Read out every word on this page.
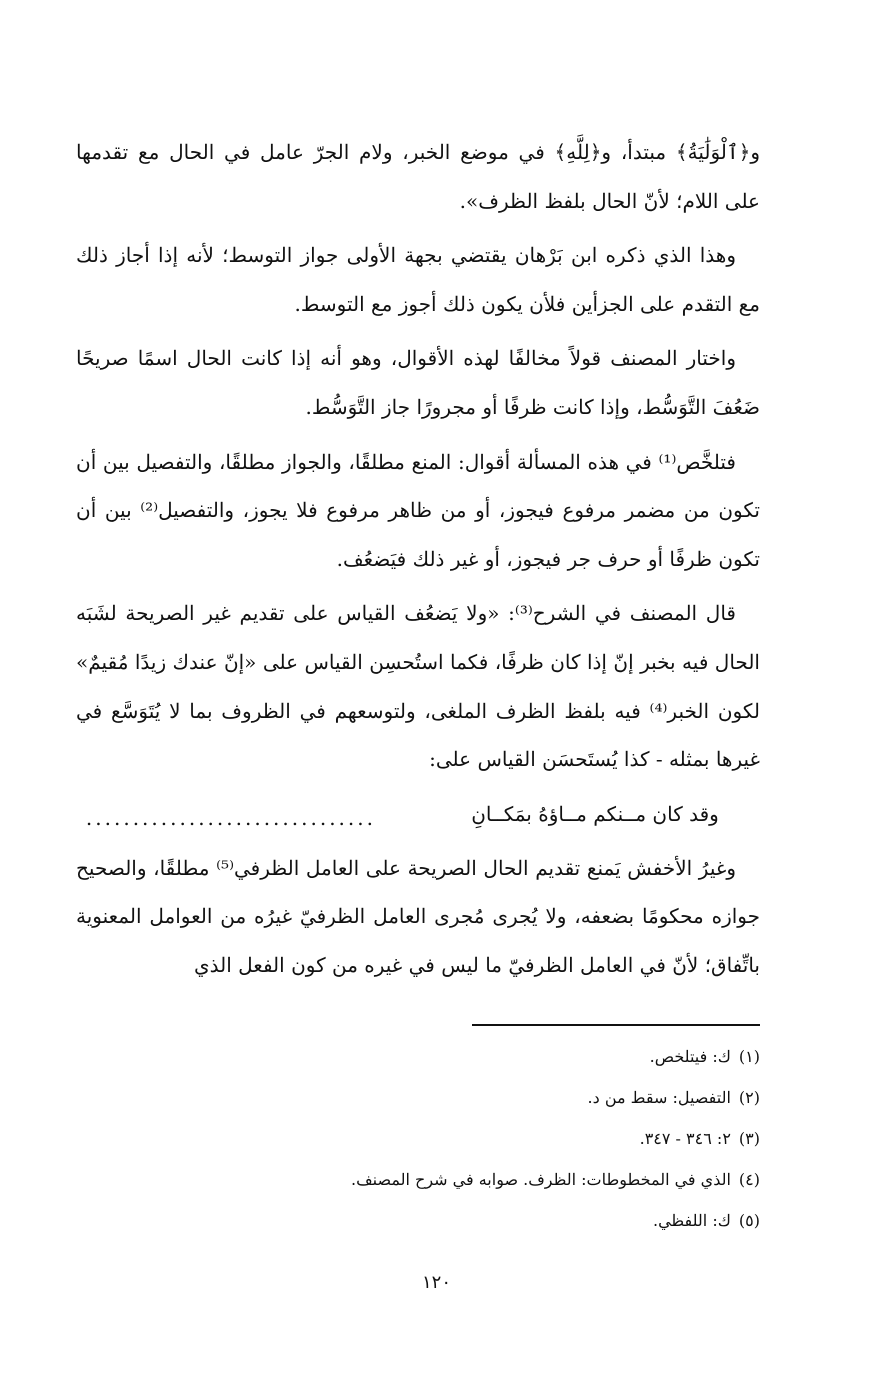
و﴿ٱلْوَلَٰيَةُ﴾ مبتدأ، و﴿لِلَّهِ﴾ في موضع الخبر، ولام الجرّ عامل في الحال مع تقدمها على اللام؛ لأنّ الحال بلفظ الظرف».

وهذا الذي ذكره ابن بَرْهان يقتضي بجهة الأولى جواز التوسط؛ لأنه إذا أجاز ذلك مع التقدم على الجزأين فلأن يكون ذلك أجوز مع التوسط.

واختار المصنف قولاً مخالفًا لهذه الأقوال، وهو أنه إذا كانت الحال اسمًا صريحًا ضَعُفَ التَّوَسُّط، وإذا كانت ظرفًا أو مجرورًا جاز التَّوَسُّط.

فتلخَّص⁽¹⁾ في هذه المسألة أقوال: المنع مطلقًا، والجواز مطلقًا، والتفصيل بين أن تكون من مضمر مرفوع فيجوز، أو من ظاهر مرفوع فلا يجوز، والتفصيل⁽²⁾ بين أن تكون ظرفًا أو حرف جر فيجوز، أو غير ذلك فيَضعُف.

قال المصنف في الشرح⁽³⁾: «ولا يَضعُف القياس على تقديم غير الصريحة لشَبَه الحال فيه بخبر إنّ إذا كان ظرفًا، فكما استُحسِن القياس على «إنّ عندك زيدًا مُقيمٌ» لكون الخبر⁽⁴⁾ فيه بلفظ الظرف الملغى، ولتوسعهم في الظروف بما لا يُتَوَسَّع في غيرها بمثله - كذا يُستَحسَن القياس على:

وقد كان مــنكم مــاؤهُ بمَكــانِ
...............................

وغيرُ الأخفش يَمنع تقديم الحال الصريحة على العامل الظرفي⁽⁵⁾ مطلقًا، والصحيح جوازه محكومًا بضعفه، ولا يُجرى مُجرى العامل الظرفيّ غيرُه من العوامل المعنوية باتِّفاق؛ لأنّ في العامل الظرفيّ ما ليس في غيره من كون الفعل الذي

(١)ك: فيتلخص.

(٢)التفصيل: سقط من د.

(٣)٢: ٣٤٦ - ٣٤٧.

(٤)الذي في المخطوطات: الظرف. صوابه في شرح المصنف.

(٥)ك: اللفظي.

١٢٠
